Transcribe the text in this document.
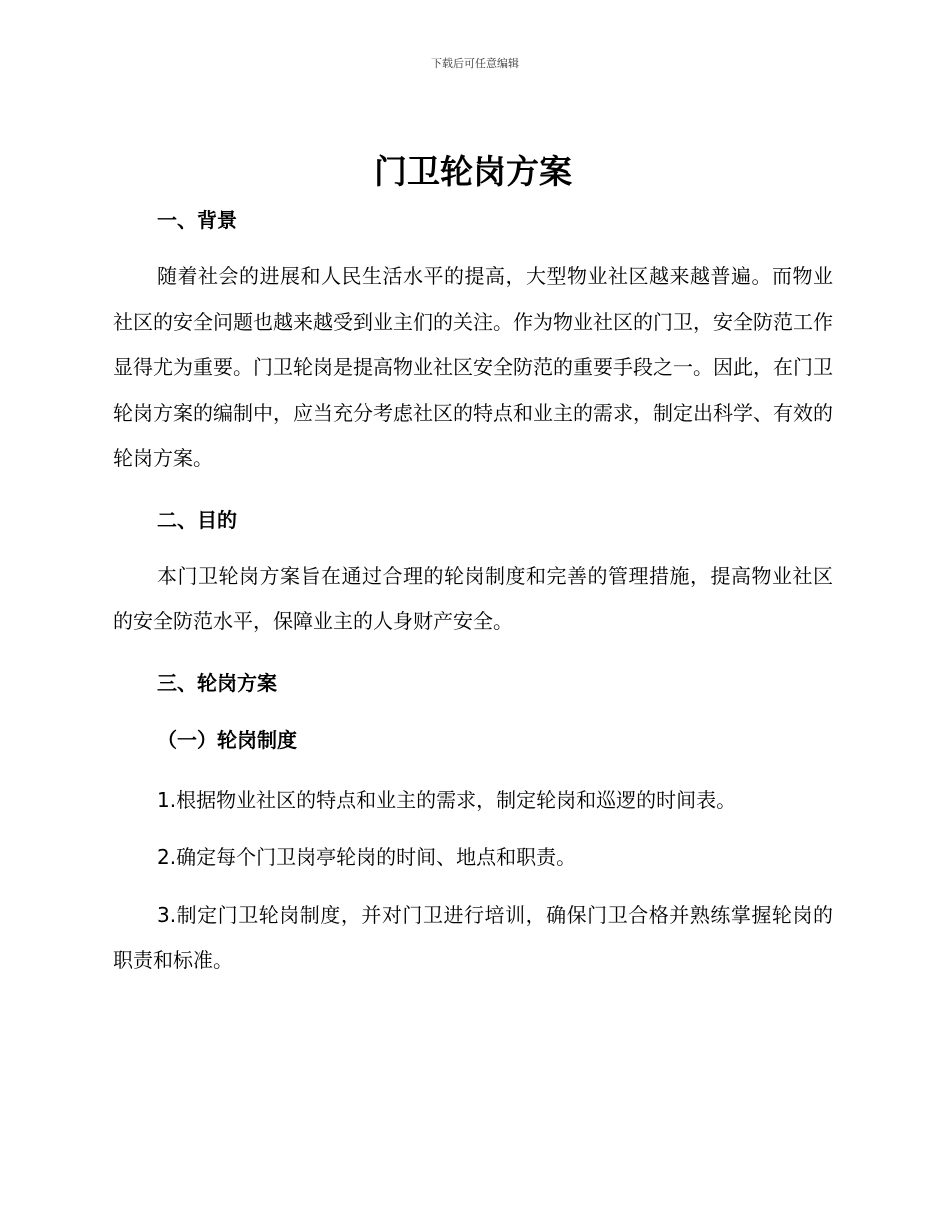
下载后可任意编辑
门卫轮岗方案
一、背景

随着社会的进展和人民生活水平的提高，大型物业社区越来越普遍。而物业社区的安全问题也越来越受到业主们的关注。作为物业社区的门卫，安全防范工作显得尤为重要。门卫轮岗是提高物业社区安全防范的重要手段之一。因此，在门卫轮岗方案的编制中，应当充分考虑社区的特点和业主的需求，制定出科学、有效的轮岗方案。

二、目的

本门卫轮岗方案旨在通过合理的轮岗制度和完善的管理措施，提高物业社区的安全防范水平，保障业主的人身财产安全。

三、轮岗方案
（一）轮岗制度

1.根据物业社区的特点和业主的需求，制定轮岗和巡逻的时间表。

2.确定每个门卫岗亭轮岗的时间、地点和职责。

3.制定门卫轮岗制度，并对门卫进行培训，确保门卫合格并熟练掌握轮岗的职责和标准。
